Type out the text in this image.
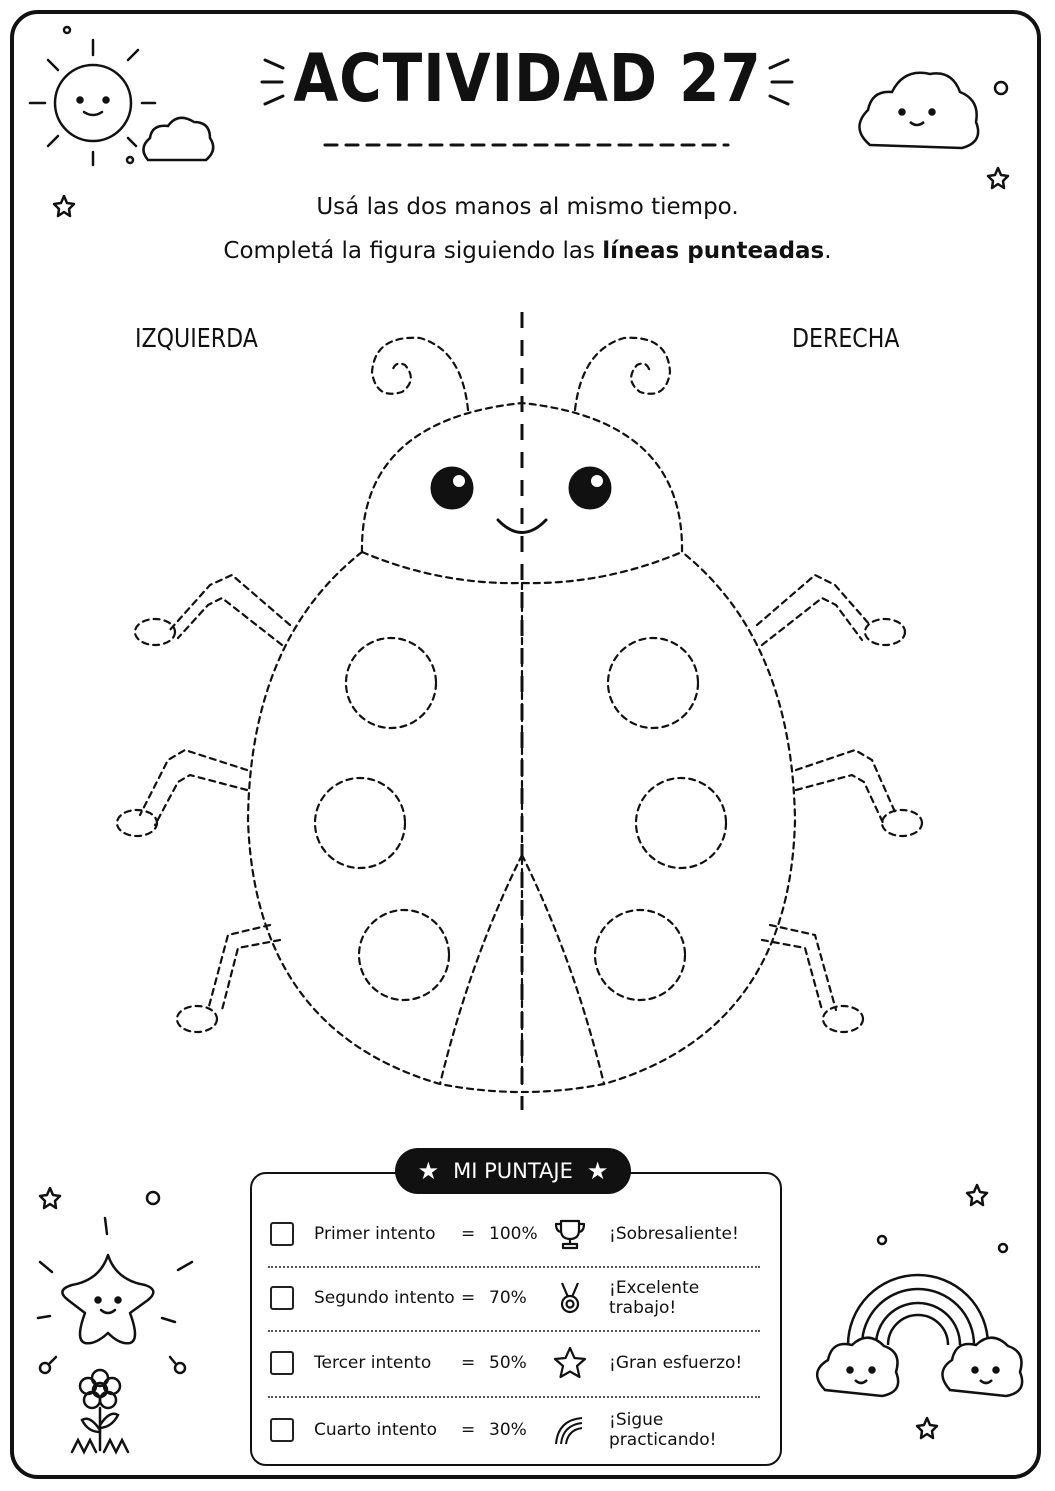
ACTIVIDAD 27
Usá las dos manos al mismo tiempo.
Completá la figura siguiendo las líneas punteadas.
IZQUIERDA	DERECHA
★ MI PUNTAJE ★
Primer intento = 100%	¡Sobresaliente!
Segundo intento = 70%	¡Excelente trabajo!
Tercer intento = 50%	¡Gran esfuerzo!
Cuarto intento = 30%	¡Sigue practicando!
